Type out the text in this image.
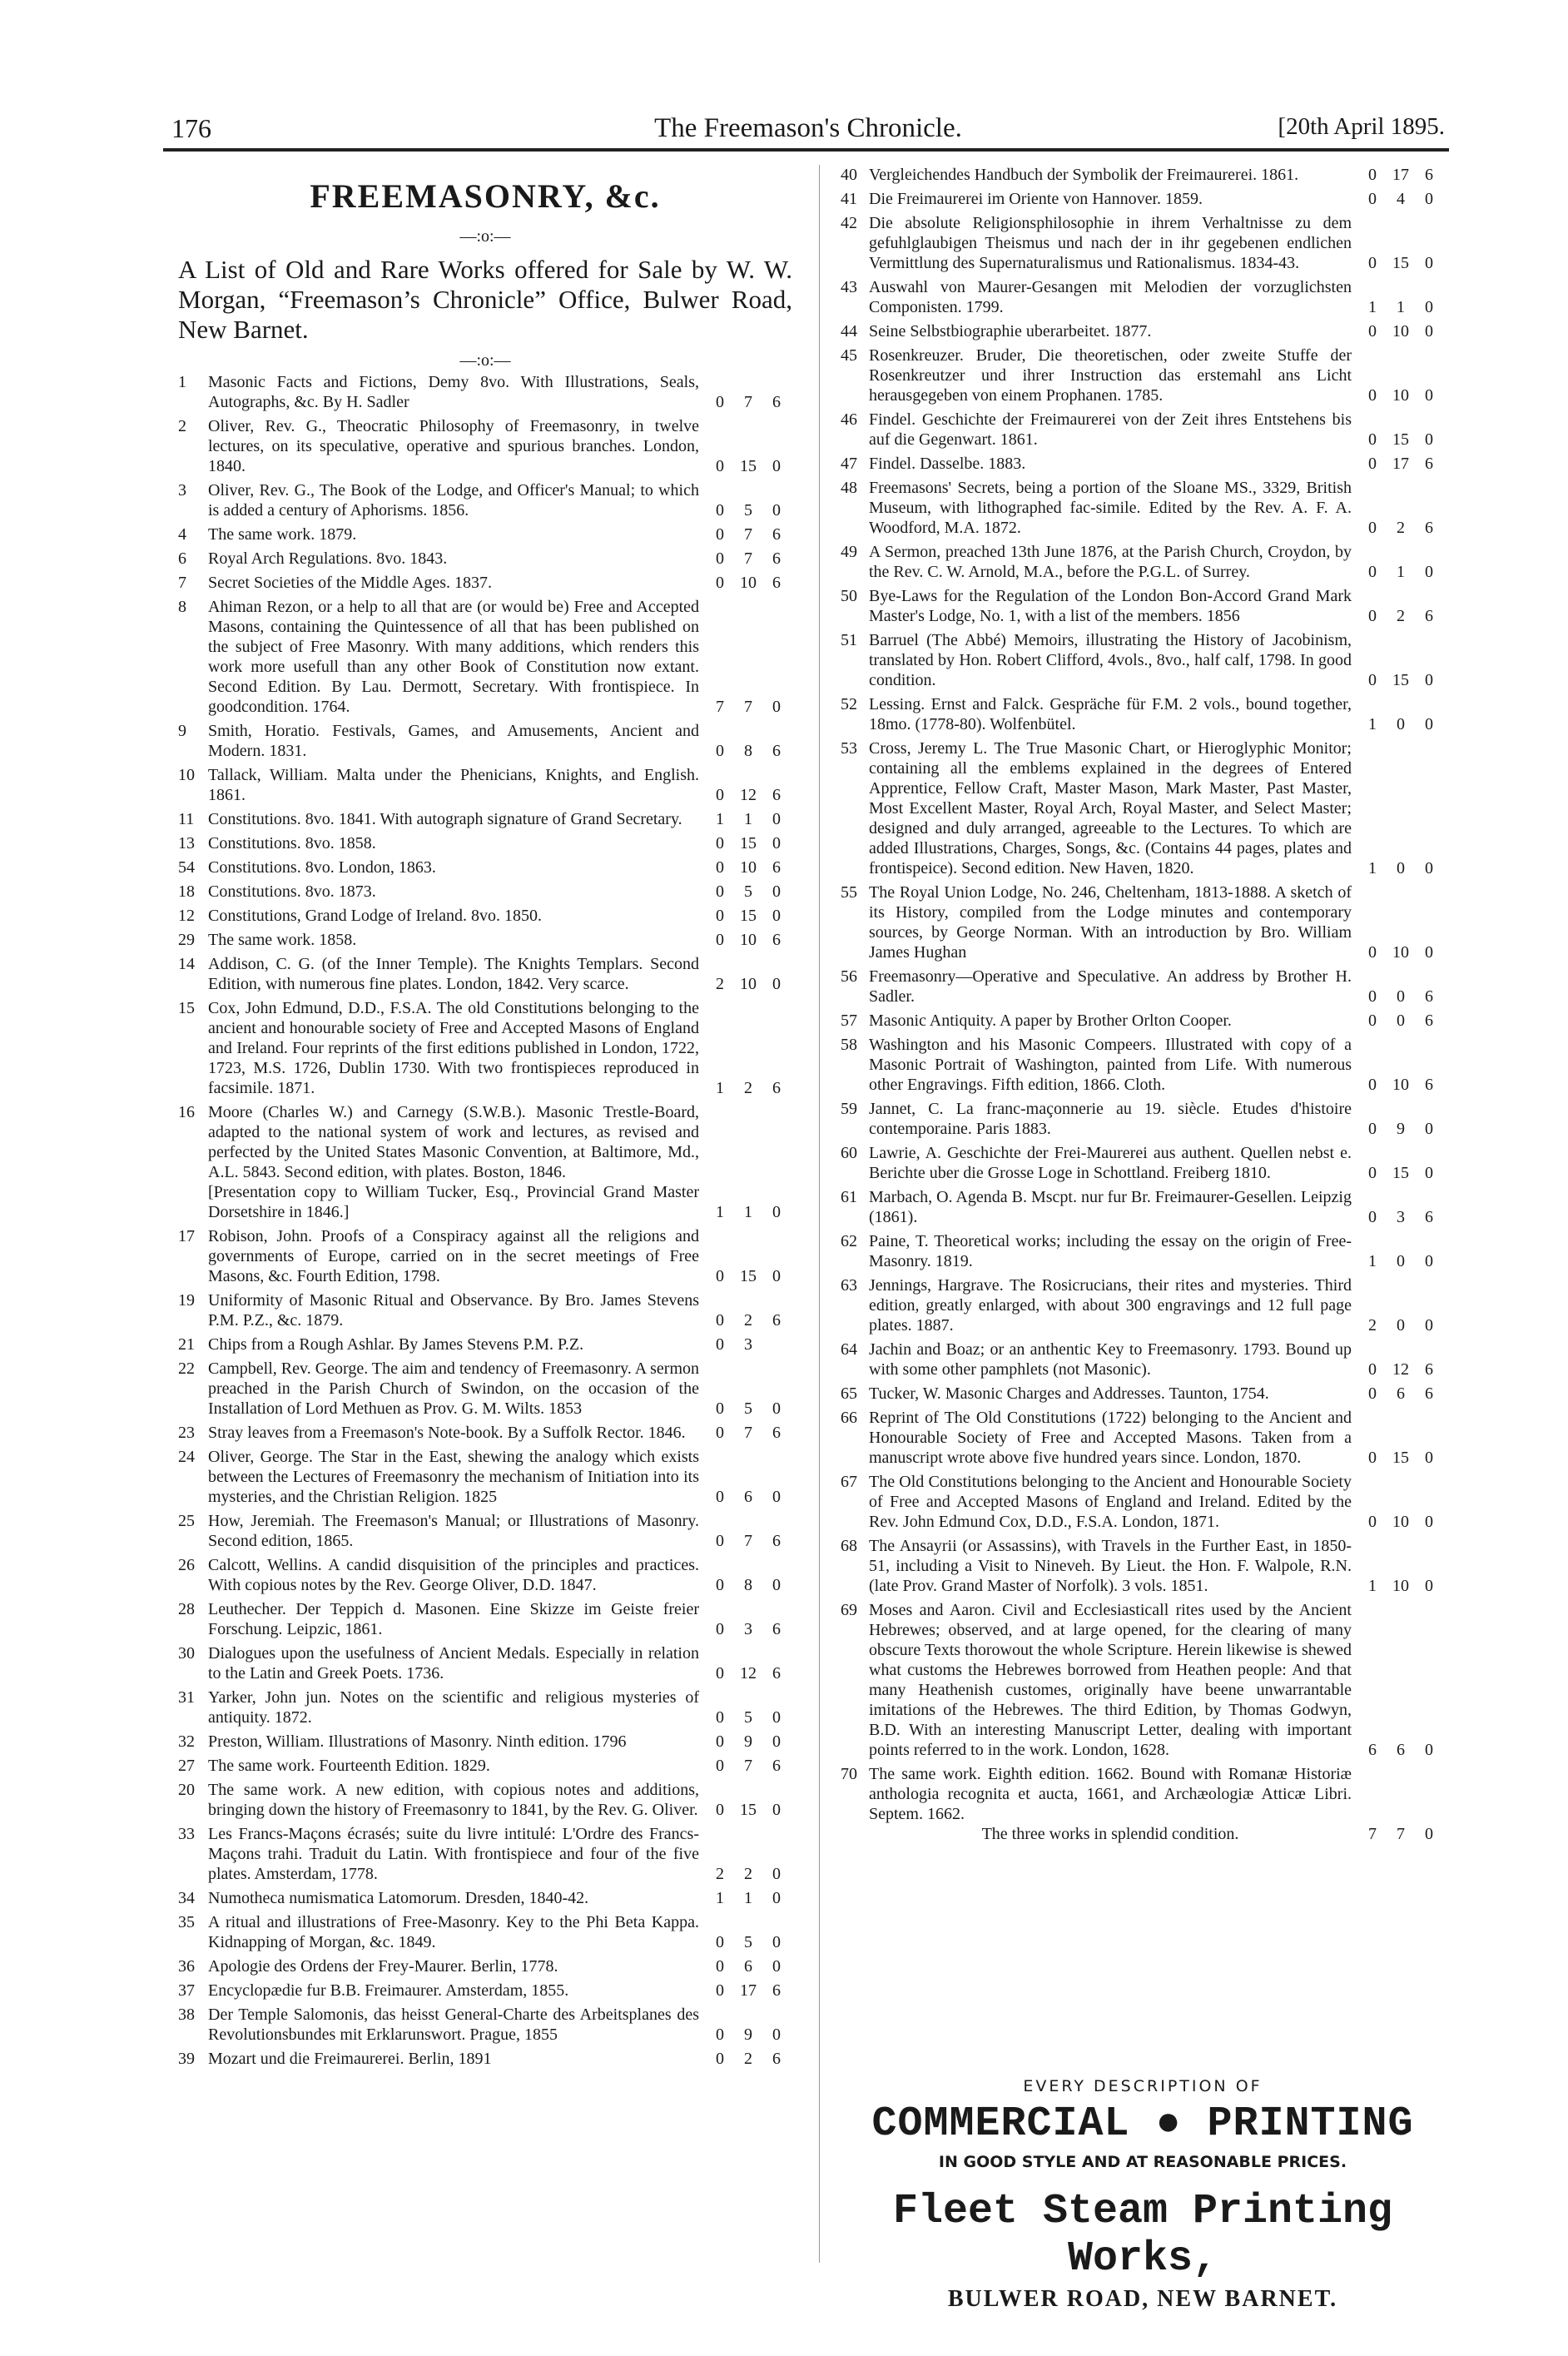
176	The Freemason's Chronicle.	[20th April 1895.
FREEMASONRY, &c.
—:o:—
A List of Old and Rare Works offered for Sale by W. W. Morgan, “Freemason’s Chronicle” Office, Bulwer Road, New Barnet.
—:o:—
1	Masonic Facts and Fictions, Demy 8vo. With Illustrations, Seals, Autographs, &c. By H. Sadler	0	7	6
2	Oliver, Rev. G., Theocratic Philosophy of Freemasonry, in twelve lectures, on its speculative, operative and spurious branches. London, 1840.	0 15 0
3	Oliver, Rev. G., The Book of the Lodge, and Officer's Manual; to which is added a century of Aphorisms. 1856.	0	5	0
4	The same work. 1879.	0	7	6
6	Royal Arch Regulations. 8vo. 1843.	0	7	6
7	Secret Societies of the Middle Ages. 1837.	0 10 6
8	Ahiman Rezon, or a help to all that are (or would be) Free and Accepted Masons, containing the Quintessence of all that has been published on the subject of Free Masonry. With many additions, which renders this work more usefull than any other Book of Constitution now extant. Second Edition. By Lau. Dermott, Secretary. With frontispiece. In goodcondition. 1764.	7	7	0
9	Smith, Horatio. Festivals, Games, and Amusements, Ancient and Modern. 1831.	0	8	6
10 Tallack, William. Malta under the Phenicians, Knights, and English. 1861.	0 12 6
11 Constitutions. 8vo. 1841. With autograph signature of Grand Secretary.	1	1	0
13 Constitutions. 8vo. 1858.	0 15 0
54 Constitutions. 8vo. London, 1863.	0 10 6
18 Constitutions. 8vo. 1873.	0	5	0
12 Constitutions, Grand Lodge of Ireland. 8vo. 1850.	0 15 0
29 The same work. 1858.	0 10 6
14 Addison, C. G. (of the Inner Temple). The Knights Templars. Second Edition, with numerous fine plates. London, 1842. Very scarce.	2 10 0
15 Cox, John Edmund, D.D., F.S.A. The old Constitutions belonging to the ancient and honourable society of Free and Accepted Masons of England and Ireland. Four reprints of the first editions published in London, 1722, 1723, M.S. 1726, Dublin 1730. With two frontispieces reproduced in facsimile. 1871.	1	2	6
16 Moore (Charles W.) and Carnegy (S.W.B.). Masonic Trestle-Board, adapted to the national system of work and lectures, as revised and perfected by the United States Masonic Convention, at Baltimore, Md., A.L. 5843. Second edition, with plates. Boston, 1846.
[Presentation copy to William Tucker, Esq., Provincial Grand Master Dorsetshire in 1846.]	1	1	0
17 Robison, John. Proofs of a Conspiracy against all the religions and governments of Europe, carried on in the secret meetings of Free Masons, &c. Fourth Edition, 1798.	0 15 0
19 Uniformity of Masonic Ritual and Observance. By Bro. James Stevens P.M. P.Z., &c. 1879.	0	2	6
21 Chips from a Rough Ashlar. By James Stevens P.M. P.Z.	0	3
22 Campbell, Rev. George. The aim and tendency of Freemasonry. A sermon preached in the Parish Church of Swindon, on the occasion of the Installation of Lord Methuen as Prov. G. M. Wilts. 1853	0	5	0
23 Stray leaves from a Freemason's Note-book. By a Suffolk Rector. 1846.	0	7	6
24 Oliver, George. The Star in the East, shewing the analogy which exists between the Lectures of Freemasonry the mechanism of Initiation into its mysteries, and the Christian Religion. 1825	0	6	0
25 How, Jeremiah. The Freemason's Manual; or Illustrations of Masonry. Second edition, 1865.	0	7	6
26 Calcott, Wellins. A candid disquisition of the principles and practices. With copious notes by the Rev. George Oliver, D.D. 1847.	0	8	0
28 Leuthecher. Der Teppich d. Masonen. Eine Skizze im Geiste freier Forschung. Leipzic, 1861.	0	3	6
30 Dialogues upon the usefulness of Ancient Medals. Especially in relation to the Latin and Greek Poets. 1736.	0 12 6
31 Yarker, John jun. Notes on the scientific and religious mysteries of antiquity. 1872.	0	5	0
32 Preston, William. Illustrations of Masonry. Ninth edition. 1796	0	9	0
27 The same work. Fourteenth Edition. 1829.	0	7	6
20 The same work. A new edition, with copious notes and additions, bringing down the history of Freemasonry to 1841, by the Rev. G. Oliver.	0 15 0
33 Les Francs-Maçons écrasés; suite du livre intitulé: L'Ordre des Francs-Maçons trahi. Traduit du Latin. With frontispiece and four of the five plates. Amsterdam, 1778.	2	2	0
34 Numotheca numismatica Latomorum. Dresden, 1840-42.	1	1	0
35 A ritual and illustrations of Free-Masonry. Key to the Phi Beta Kappa. Kidnapping of Morgan, &c. 1849.	0	5	0
36 Apologie des Ordens der Frey-Maurer. Berlin, 1778.	0	6	0
37 Encyclopædie fur B.B. Freimaurer. Amsterdam, 1855.	0 17 6
38 Der Temple Salomonis, das heisst General-Charte des Arbeitsplanes des Revolutionsbundes mit Erklarunswort. Prague, 1855	0	9	0
39 Mozart und die Freimaurerei. Berlin, 1891	0	2	6
40 Vergleichendes Handbuch der Symbolik der Freimaurerei. 1861.	0 17 6
41 Die Freimaurerei im Oriente von Hannover. 1859.	0	4	0
42 Die absolute Religionsphilosophie in ihrem Verhaltnisse zu dem gefuhlglaubigen Theismus und nach der in ihr gegebenen endlichen Vermittlung des Supernaturalismus und Rationalismus. 1834-43.	0 15 0
43 Auswahl von Maurer-Gesangen mit Melodien der vorzuglichsten Componisten. 1799.	1	1	0
44 Seine Selbstbiographie uberarbeitet. 1877.	0 10 0
45 Rosenkreuzer. Bruder, Die theoretischen, oder zweite Stuffe der Rosenkreutzer und ihrer Instruction das erstemahl ans Licht herausgegeben von einem Prophanen. 1785.	0 10 0
46 Findel. Geschichte der Freimaurerei von der Zeit ihres Entstehens bis auf die Gegenwart. 1861.	0 15 0
47 Findel. Dasselbe. 1883.	0 17 6
48 Freemasons' Secrets, being a portion of the Sloane MS., 3329, British Museum, with lithographed fac-simile. Edited by the Rev. A. F. A. Woodford, M.A. 1872.	0	2	6
49 A Sermon, preached 13th June 1876, at the Parish Church, Croydon, by the Rev. C. W. Arnold, M.A., before the P.G.L. of Surrey.	0	1	0
50 Bye-Laws for the Regulation of the London Bon-Accord Grand Mark Master's Lodge, No. 1, with a list of the members. 1856	0	2	6
51 Barruel (The Abbé) Memoirs, illustrating the History of Jacobinism, translated by Hon. Robert Clifford, 4vols., 8vo., half calf, 1798. In good condition.	0 15 0
52 Lessing. Ernst and Falck. Gespräche für F.M. 2 vols., bound together, 18mo. (1778-80). Wolfenbütel.	1	0	0
53 Cross, Jeremy L. The True Masonic Chart, or Hieroglyphic Monitor; containing all the emblems explained in the degrees of Entered Apprentice, Fellow Craft, Master Mason, Mark Master, Past Master, Most Excellent Master, Royal Arch, Royal Master, and Select Master; designed and duly arranged, agreeable to the Lectures. To which are added Illustrations, Charges, Songs, &c. (Contains 44 pages, plates and frontispeice). Second edition. New Haven, 1820.	1	0	0
55 The Royal Union Lodge, No. 246, Cheltenham, 1813-1888. A sketch of its History, compiled from the Lodge minutes and contemporary sources, by George Norman. With an introduction by Bro. William James Hughan	0 10 0
56 Freemasonry—Operative and Speculative. An address by Brother H. Sadler.	0	0	6
57 Masonic Antiquity. A paper by Brother Orlton Cooper.	0	0	6
58 Washington and his Masonic Compeers. Illustrated with copy of a Masonic Portrait of Washington, painted from Life. With numerous other Engravings. Fifth edition, 1866. Cloth.	0 10 6
59 Jannet, C. La franc-maçonnerie au 19. siècle. Etudes d'histoire contemporaine. Paris 1883.	0	9	0
60 Lawrie, A. Geschichte der Frei-Maurerei aus authent. Quellen nebst e. Berichte uber die Grosse Loge in Schottland. Freiberg 1810.	0 15 0
61 Marbach, O. Agenda B. Mscpt. nur fur Br. Freimaurer-Gesellen. Leipzig (1861).	0	3	6
62 Paine, T. Theoretical works; including the essay on the origin of Free-Masonry. 1819.	1	0	0
63 Jennings, Hargrave. The Rosicrucians, their rites and mysteries. Third edition, greatly enlarged, with about 300 engravings and 12 full page plates. 1887.	2	0	0
64 Jachin and Boaz; or an anthentic Key to Freemasonry. 1793. Bound up with some other pamphlets (not Masonic).	0 12 6
65 Tucker, W. Masonic Charges and Addresses. Taunton, 1754.	0	6	6
66 Reprint of The Old Constitutions (1722) belonging to the Ancient and Honourable Society of Free and Accepted Masons. Taken from a manuscript wrote above five hundred years since. London, 1870.	0 15 0
67 The Old Constitutions belonging to the Ancient and Honourable Society of Free and Accepted Masons of England and Ireland. Edited by the Rev. John Edmund Cox, D.D., F.S.A. London, 1871.	0 10 0
68 The Ansayrii (or Assassins), with Travels in the Further East, in 1850-51, including a Visit to Nineveh. By Lieut. the Hon. F. Walpole, R.N. (late Prov. Grand Master of Norfolk). 3 vols. 1851.	1 10 0
69 Moses and Aaron. Civil and Ecclesiasticall rites used by the Ancient Hebrewes; observed, and at large opened, for the clearing of many obscure Texts thorowout the whole Scripture. Herein likewise is shewed what customs the Hebrewes borrowed from Heathen people: And that many Heathenish customes, originally have beene unwarrantable imitations of the Hebrewes. The third Edition, by Thomas Godwyn, B.D. With an interesting Manuscript Letter, dealing with important points referred to in the work. London, 1628.	6	6	0
70 The same work. Eighth edition. 1662. Bound with Romanæ Historiæ anthologia recognita et aucta, 1661, and Archæologiæ Atticæ Libri. Septem. 1662.
The three works in splendid condition.	7	7	0
EVERY DESCRIPTION OF
COMMERCIAL ● PRINTING
IN GOOD STYLE AND AT REASONABLE PRICES.
Fleet Steam Printing Works,
BULWER ROAD, NEW BARNET.
